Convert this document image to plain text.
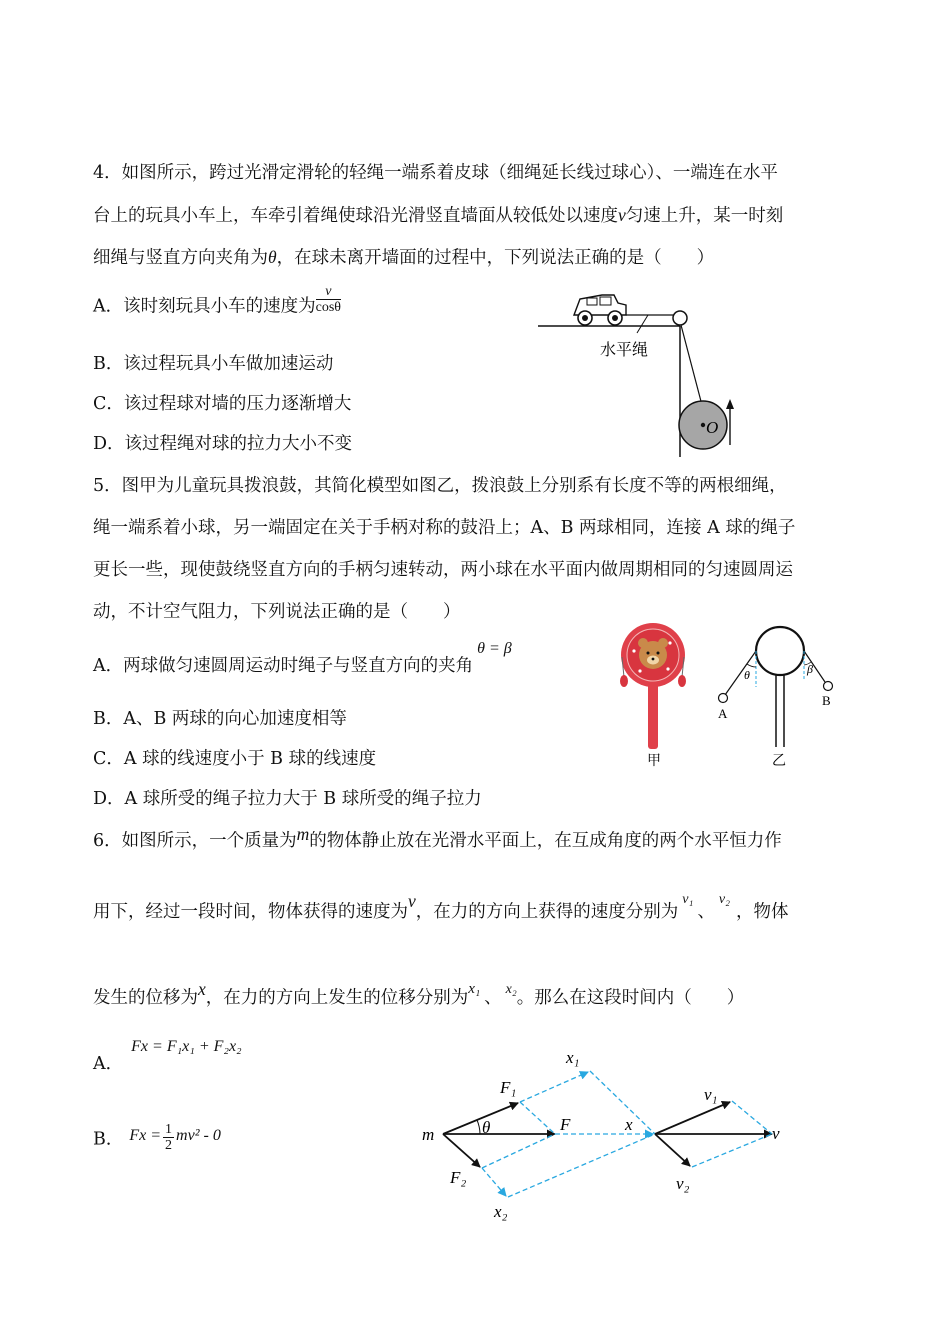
4．如图所示，跨过光滑定滑轮的轻绳一端系着皮球（细绳延长线过球心）、一端连在水平
台上的玩具小车上，车牵引着绳使球沿光滑竖直墙面从较低处以速度v匀速上升，某一时刻
细绳与竖直方向夹角为θ，在球未离开墙面的过程中，下列说法正确的是（　　）
A．该时刻玩具小车的速度为 $\frac{v}{\cos\theta}$
B．该过程玩具小车做加速运动
C．该过程球对墙的压力逐渐增大
D．该过程绳对球的拉力大小不变
水平绳
O
5．图甲为儿童玩具拨浪鼓，其简化模型如图乙，拨浪鼓上分别系有长度不等的两根细绳，
绳一端系着小球，另一端固定在关于手柄对称的鼓沿上；A、B 两球相同，连接 A 球的绳子
更长一些，现使鼓绕竖直方向的手柄匀速转动，两小球在水平面内做周期相同的匀速圆周运
动，不计空气阻力，下列说法正确的是（　　）
A．两球做匀速圆周运动时绳子与竖直方向的夹角θ = β
B．A、B 两球的向心加速度相等
C．A 球的线速度小于 B 球的线速度
D．A 球所受的绳子拉力大于 B 球所受的绳子拉力
甲
θ	β
A
B
乙
6．如图所示，一个质量为m的物体静止放在光滑水平面上，在互成角度的两个水平恒力作
用下，经过一段时间，物体获得的速度为v，在力的方向上获得的速度分别为$^{v_1}$、$^{v_2}$，物体
发生的位移为x，在力的方向上发生的位移分别为x₁ 、 $^{x_2}$。那么在这段时间内（　　）
A．Fx = F₁x₁ + F₂x₂
B． $Fx = \frac{1}{2} mv^2 - 0$	m	θ	F
F₁
F₂
x
x₁
x₂
v
v₁
v₂
